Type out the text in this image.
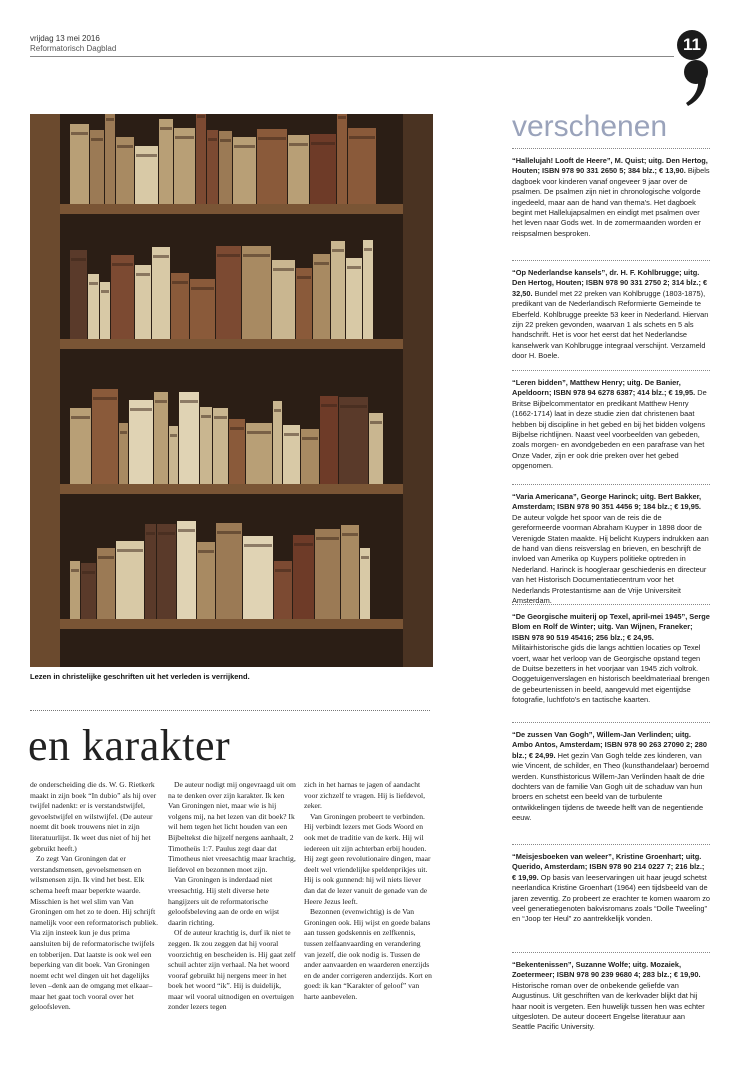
vrijdag 13 mei 2016
Reformatorisch Dagblad	11
Lezen in christelijke geschriften uit het verleden is verrijkend.
en karakter

de onderscheiding die ds. W. G. Rietkerk maakt in zijn boek “In dubio” als hij over twijfel nadenkt: er is verstandstwijfel, gevoelstwijfel en wilstwijfel. (De auteur noemt dit boek trouwens niet in zijn literatuurlijst. Ik weet dus niet of hij het gebruikt heeft.)

Zo zegt Van Groningen dat er verstandsmensen, gevoelsmensen en wilsmensen zijn. Ik vind het best. Elk schema heeft maar beperkte waarde. Misschien is het wel slim van Van Groningen om het zo te doen. Hij schrijft namelijk voor een reformatorisch publiek. Via zijn insteek kun je dus prima aansluiten bij de reformatorische twijfels en tobberijen. Dat laatste is ook wel een beperking van dit boek. Van Groningen noemt echt wel dingen uit het dagelijks leven –denk aan de omgang met elkaar– maar het gaat toch vooral over het geloofsleven.

De auteur nodigt mij ongevraagd uit om na te denken over zijn karakter. Ik ken Van Groningen niet, maar wie is hij volgens mij, na het lezen van dit boek? Ik wil hem tegen het licht houden van een Bijbeltekst die hijzelf nergens aanhaalt, 2 Timotheüs 1:7. Paulus zegt daar dat Timotheus niet vreesachtig maar krachtig, liefdevol en bezonnen moet zijn.

Van Groningen is inderdaad niet vreesachtig. Hij stelt diverse hete hangijzers uit de reformatorische geloofsbeleving aan de orde en wijst daarin richting.

Of de auteur krachtig is, durf ik niet te zeggen. Ik zou zeggen dat hij vooral voorzichtig en bescheiden is. Hij gaat zelf schuil achter zijn verhaal. Na het woord vooraf gebruikt hij nergens meer in het boek het woord “ik”. Hij is duidelijk, maar wil vooral uitnodigen en overtuigen zonder lezers tegen

zich in het harnas te jagen of aandacht voor zichzelf te vragen. Hij is liefdevol, zeker.

Van Groningen probeert te verbinden. Hij verbindt lezers met Gods Woord en ook met de traditie van de kerk. Hij wil iedereen uit zijn achterban erbij houden. Hij zegt geen revolutionaire dingen, maar deelt wel vriendelijke speldenprikjes uit. Hij is ook gunnend: hij wil niets liever dan dat de lezer vanuit de genade van de Heere Jezus leeft.

Bezonnen (evenwichtig) is de Van Groningen ook. Hij wijst en goede balans aan tussen godskennis en zelfkennis, tussen zelfaanvaarding en verandering van jezelf, die ook nodig is. Tussen de ander aanvaarden en waarderen enerzijds en de ander corrigeren anderzijds. Kort en goed: ik kan “Karakter of geloof” van harte aanbevelen.

verschenen
“Hallelujah! Looft de Heere”, M. Quist; uitg. Den Hertog, Houten; ISBN 978 90 331 2650 5; 384 blz.; € 13,90. Bijbels dagboek voor kinderen vanaf ongeveer 9 jaar over de psalmen. De psalmen zijn niet in chronologische volgorde ingedeeld, maar aan de hand van thema's. Het dagboek begint met Hallelujapsalmen en eindigt met psalmen over het leven naar Gods wet. In de zomermaanden worden er reispsalmen besproken.
“Op Nederlandse kansels”, dr. H. F. Kohlbrugge; uitg. Den Hertog, Houten; ISBN 978 90 331 2750 2; 314 blz.; € 32,50. Bundel met 22 preken van Kohlbrugge (1803-1875), predikant van de Nederlandisch Reformierte Gemeinde te Eberfeld. Kohlbrugge preekte 53 keer in Nederland. Hiervan zijn 22 preken gevonden, waarvan 1 als schets en 5 als handschrift. Het is voor het eerst dat het Nederlandse kanselwerk van Kohlbrugge integraal verschijnt. Verzameld door H. Boele.
“Leren bidden”, Matthew Henry; uitg. De Banier, Apeldoorn; ISBN 978 94 6278 6387; 414 blz.; € 19,95. De Britse Bijbelcommentator en predikant Matthew Henry (1662-1714) laat in deze studie zien dat christenen baat hebben bij discipline in het gebed en bij het bidden volgens Bijbelse richtlijnen. Naast veel voorbeelden van gebeden, zoals morgen- en avondgebeden en een parafrase van het Onze Vader, zijn er ook drie preken over het gebed opgenomen.
“Varia Americana”, George Harinck; uitg. Bert Bakker, Amsterdam; ISBN 978 90 351 4456 9; 184 blz.; € 19,95. De auteur volgde het spoor van de reis die de gereformeerde voorman Abraham Kuyper in 1898 door de Verenigde Staten maakte. Hij belicht Kuypers indrukken aan de hand van diens reisverslag en brieven, en beschrijft de invloed van Amerika op Kuypers politieke optreden in Nederland. Harinck is hoogleraar geschiedenis en directeur van het Historisch Documentatiecentrum voor het Nederlands Protestantisme aan de Vrije Universiteit Amsterdam.
“De Georgische muiterij op Texel, april-mei 1945”, Serge Blom en Rolf de Winter; uitg. Van Wijnen, Franeker; ISBN 978 90 519 45416; 256 blz.; € 24,95. Militairhistorische gids die langs achttien locaties op Texel voert, waar het verloop van de Georgische opstand tegen de Duitse bezetters in het voorjaar van 1945 zich voltrok. Ooggetuigenverslagen en historisch beeldmateriaal brengen de gebeurtenissen in beeld, aangevuld met eigentijdse fotografie, luchtfoto's en tactische kaarten.
“De zussen Van Gogh”, Willem-Jan Verlinden; uitg. Ambo Antos, Amsterdam; ISBN 978 90 263 27090 2; 280 blz.; € 24,99. Het gezin Van Gogh telde zes kinderen, van wie Vincent, de schilder, en Theo (kunsthandelaar) beroemd werden. Kunsthistoricus Willem-Jan Verlinden haalt de drie dochters van de familie Van Gogh uit de schaduw van hun broers en schetst een beeld van de turbulente ontwikkelingen tijdens de tweede helft van de negentiende eeuw.
“Meisjesboeken van weleer”, Kristine Groenhart; uitg. Querido, Amsterdam; ISBN 978 90 214 0227 7; 216 blz.; € 19,99. Op basis van leeservaringen uit haar jeugd schetst neerlandica Kristine Groenhart (1964) een tijdsbeeld van de jaren zeventig. Zo probeert ze erachter te komen waarom zo veel generatiegenoten bakvisromans zoals “Dolle Tweeling” en “Joop ter Heul” zo aantrekkelijk vonden.
“Bekentenissen”, Suzanne Wolfe; uitg. Mozaiek, Zoetermeer; ISBN 978 90 239 9680 4; 283 blz.; € 19,90. Historische roman over de onbekende geliefde van Augustinus. Uit geschriften van de kerkvader blijkt dat hij haar nooit is vergeten. Een huwelijk tussen hen was echter uitgesloten. De auteur doceert Engelse literatuur aan Seattle Pacific University.
